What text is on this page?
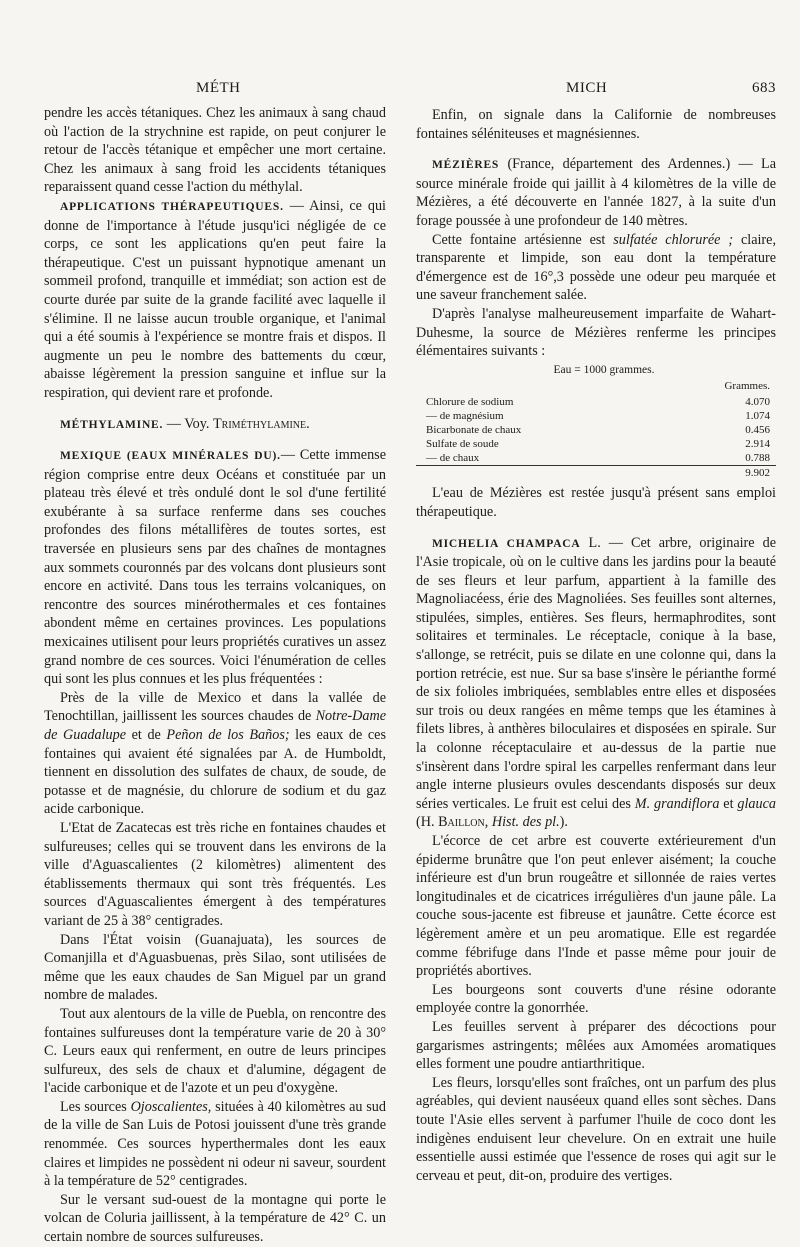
MÉTH	MICH	683

pendre les accès tétaniques. Chez les animaux à sang chaud où l'action de la strychnine est rapide, on peut conjurer le retour de l'accès tétanique et empêcher une mort certaine. Chez les animaux à sang froid les accidents tétaniques reparaissent quand cesse l'action du méthylal.

APPLICATIONS THÉRAPEUTIQUES. — Ainsi, ce qui donne de l'importance à l'étude jusqu'ici négligée de ce corps, ce sont les applications qu'en peut faire la thérapeutique. C'est un puissant hypnotique amenant un sommeil profond, tranquille et immédiat; son action est de courte durée par suite de la grande facilité avec laquelle il s'élimine. Il ne laisse aucun trouble organique, et l'animal qui a été soumis à l'expérience se montre frais et dispos. Il augmente un peu le nombre des battements du cœur, abaisse légèrement la pression sanguine et influe sur la respiration, qui devient rare et profonde.

MÉTHYLAMINE. — Voy. Triméthylamine.

MEXIQUE (EAUX MINÉRALES DU).— Cette immense région comprise entre deux Océans et constituée par un plateau très élevé et très ondulé dont le sol d'une fertilité exubérante à sa surface renferme dans ses couches profondes des filons métallifères de toutes sortes, est traversée en plusieurs sens par des chaînes de montagnes aux sommets couronnés par des volcans dont plusieurs sont encore en activité. Dans tous les terrains volcaniques, on rencontre des sources minérothermales et ces fontaines abondent même en certaines provinces. Les populations mexicaines utilisent pour leurs propriétés curatives un assez grand nombre de ces sources. Voici l'énumération de celles qui sont les plus connues et les plus fréquentées :

Près de la ville de Mexico et dans la vallée de Tenochtillan, jaillissent les sources chaudes de Notre-Dame de Guadalupe et de Peñon de los Baños; les eaux de ces fontaines qui avaient été signalées par A. de Humboldt, tiennent en dissolution des sulfates de chaux, de soude, de potasse et de magnésie, du chlorure de sodium et du gaz acide carbonique.

L'Etat de Zacatecas est très riche en fontaines chaudes et sulfureuses; celles qui se trouvent dans les environs de la ville d'Aguascalientes (2 kilomètres) alimentent des établissements thermaux qui sont très fréquentés. Les sources d'Aguascalientes émergent à des températures variant de 25 à 38° centigrades.

Dans l'État voisin (Guanajuata), les sources de Comanjilla et d'Aguasbuenas, près Silao, sont utilisées de même que les eaux chaudes de San Miguel par un grand nombre de malades.

Tout aux alentours de la ville de Puebla, on rencontre des fontaines sulfureuses dont la température varie de 20 à 30° C. Leurs eaux qui renferment, en outre de leurs principes sulfureux, des sels de chaux et d'alumine, dégagent de l'acide carbonique et de l'azote et un peu d'oxygène.

Les sources Ojoscalientes, situées à 40 kilomètres au sud de la ville de San Luis de Potosi jouissent d'une très grande renommée. Ces sources hyperthermales dont les eaux claires et limpides ne possèdent ni odeur ni saveur, sourdent à la température de 52° centigrades.

Sur le versant sud-ouest de la montagne qui porte le volcan de Coluria jaillissent, à la température de 42° C. un certain nombre de sources sulfureuses.

Enfin, on signale dans la Californie de nombreuses fontaines séléniteuses et magnésiennes.

MÉZIÈRES (France, département des Ardennes.) — La source minérale froide qui jaillit à 4 kilomètres de la ville de Mézières, a été découverte en l'année 1827, à la suite d'un forage poussée à une profondeur de 140 mètres.

Cette fontaine artésienne est sulfatée chlorurée ; claire, transparente et limpide, son eau dont la température d'émergence est de 16°,3 possède une odeur peu marquée et une saveur franchement salée.

D'après l'analyse malheureusement imparfaite de Wahart-Duhesme, la source de Mézières renferme les principes élémentaires suivants :

Eau = 1000 grammes.

	Grammes.
Chlorure de sodium	4.070
— de magnésium	1.074
Bicarbonate de chaux	0.456
Sulfate de soude	2.914
— de chaux	0.788
	9.902

L'eau de Mézières est restée jusqu'à présent sans emploi thérapeutique.

MICHELIA CHAMPACA L. — Cet arbre, originaire de l'Asie tropicale, où on le cultive dans les jardins pour la beauté de ses fleurs et leur parfum, appartient à la famille des Magnoliacéess, érie des Magnoliées. Ses feuilles sont alternes, stipulées, simples, entières. Ses fleurs, hermaphrodites, sont solitaires et terminales. Le réceptacle, conique à la base, s'allonge, se retrécit, puis se dilate en une colonne qui, dans la portion retrécie, est nue. Sur sa base s'insère le périanthe formé de six folioles imbriquées, semblables entre elles et disposées sur trois ou deux rangées en même temps que les étamines à filets libres, à anthères biloculaires et disposées en spirale. Sur la colonne réceptaculaire et au-dessus de la partie nue s'insèrent dans l'ordre spiral les carpelles renfermant dans leur angle interne plusieurs ovules descendants disposés sur deux séries verticales. Le fruit est celui des M. grandiflora et glauca (H. Baillon, Hist. des pl.).

L'écorce de cet arbre est couverte extérieurement d'un épiderme brunâtre que l'on peut enlever aisément; la couche inférieure est d'un brun rougeâtre et sillonnée de raies vertes longitudinales et de cicatrices irrégulières d'un jaune pâle. La couche sous-jacente est fibreuse et jaunâtre. Cette écorce est légèrement amère et un peu aromatique. Elle est regardée comme fébrifuge dans l'Inde et passe même pour jouir de propriétés abortives.

Les bourgeons sont couverts d'une résine odorante employée contre la gonorrhée.

Les feuilles servent à préparer des décoctions pour gargarismes astringents; mêlées aux Amomées aromatiques elles forment une poudre antiarthritique.

Les fleurs, lorsqu'elles sont fraîches, ont un parfum des plus agréables, qui devient nauséeux quand elles sont sèches. Dans toute l'Asie elles servent à parfumer l'huile de coco dont les indigènes enduisent leur chevelure. On en extrait une huile essentielle aussi estimée que l'essence de roses qui agit sur le cerveau et peut, dit-on, produire des vertiges.
